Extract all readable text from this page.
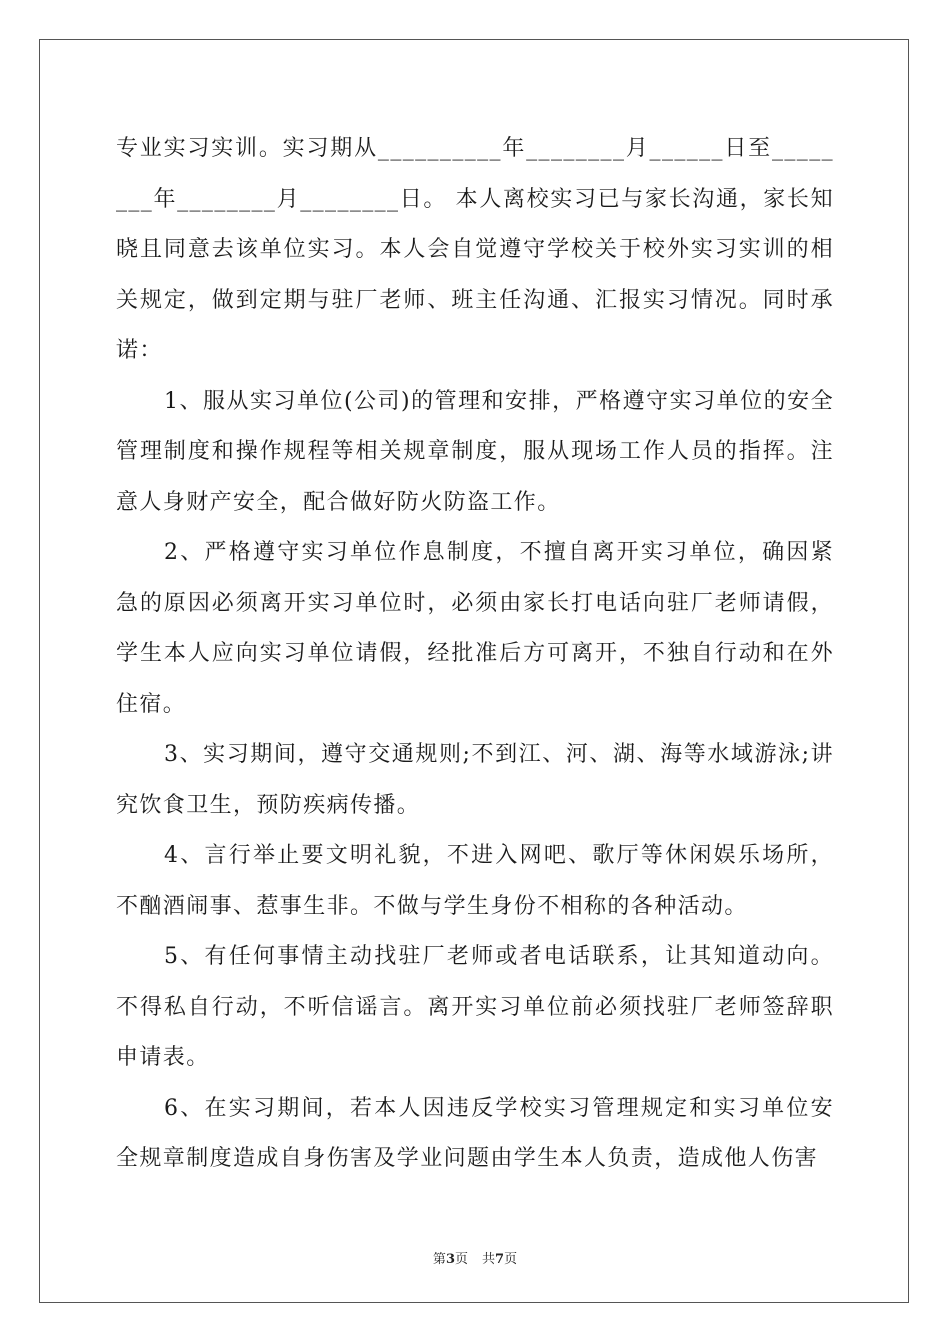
专业实习实训。实习期从__________年________月______日至________年________月________日。 本人离校实习已与家长沟通，家长知晓且同意去该单位实习。本人会自觉遵守学校关于校外实习实训的相关规定，做到定期与驻厂老师、班主任沟通、汇报实习情况。同时承诺：

1、服从实习单位(公司)的管理和安排，严格遵守实习单位的安全管理制度和操作规程等相关规章制度，服从现场工作人员的指挥。注意人身财产安全，配合做好防火防盗工作。

2、严格遵守实习单位作息制度，不擅自离开实习单位，确因紧急的原因必须离开实习单位时，必须由家长打电话向驻厂老师请假，学生本人应向实习单位请假，经批准后方可离开，不独自行动和在外住宿。

3、实习期间，遵守交通规则;不到江、河、湖、海等水域游泳;讲究饮食卫生，预防疾病传播。

4、言行举止要文明礼貌，不进入网吧、歌厅等休闲娱乐场所，不酗酒闹事、惹事生非。不做与学生身份不相称的各种活动。

5、有任何事情主动找驻厂老师或者电话联系，让其知道动向。不得私自行动，不听信谣言。离开实习单位前必须找驻厂老师签辞职申请表。

6、在实习期间，若本人因违反学校实习管理规定和实习单位安全规章制度造成自身伤害及学业问题由学生本人负责，造成他人伤害

第3页 共7页
